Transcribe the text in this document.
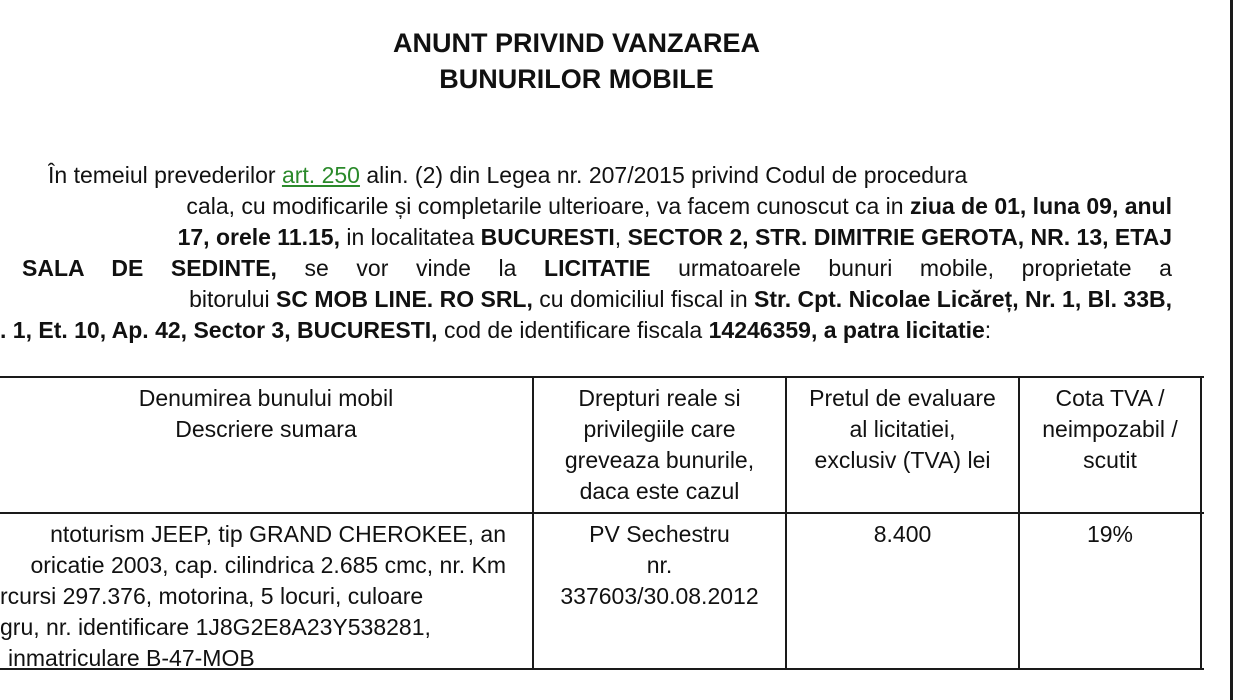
ANUNT PRIVIND VANZAREA
BUNURILOR MOBILE
În temeiul prevederilor art. 250 alin. (2) din Legea nr. 207/2015 privind Codul de procedura
cala, cu modificarile și completarile ulterioare, va facem cunoscut ca in ziua de 01, luna 09, anul
17, orele 11.15, in localitatea BUCURESTI, SECTOR 2, STR. DIMITRIE GEROTA, NR. 13, ETAJ
SALA DE SEDINTE, se vor vinde la LICITATIE urmatoarele bunuri mobile, proprietate a
bitorului SC MOB LINE. RO SRL, cu domiciliul fiscal in Str. Cpt. Nicolae Licăreț, Nr. 1, Bl. 33B,
. 1, Et. 10, Ap. 42, Sector 3, BUCURESTI, cod de identificare fiscala 14246359, a patra licitatie:
Denumirea bunului mobil
Descriere sumara
Drepturi reale si
privilegiile care
greveaza bunurile,
daca este cazul
Pretul de evaluare
al licitatiei,
exclusiv (TVA) lei
Cota TVA /
neimpozabil /
scutit
ntoturism JEEP, tip GRAND CHEROKEE, an
oricatie 2003, cap. cilindrica 2.685 cmc, nr. Km
rcursi 297.376, motorina, 5 locuri, culoare
gru, nr. identificare 1J8G2E8A23Y538281,
inmatriculare B-47-MOB
PV Sechestru
nr.
337603/30.08.2012
8.400	19%
